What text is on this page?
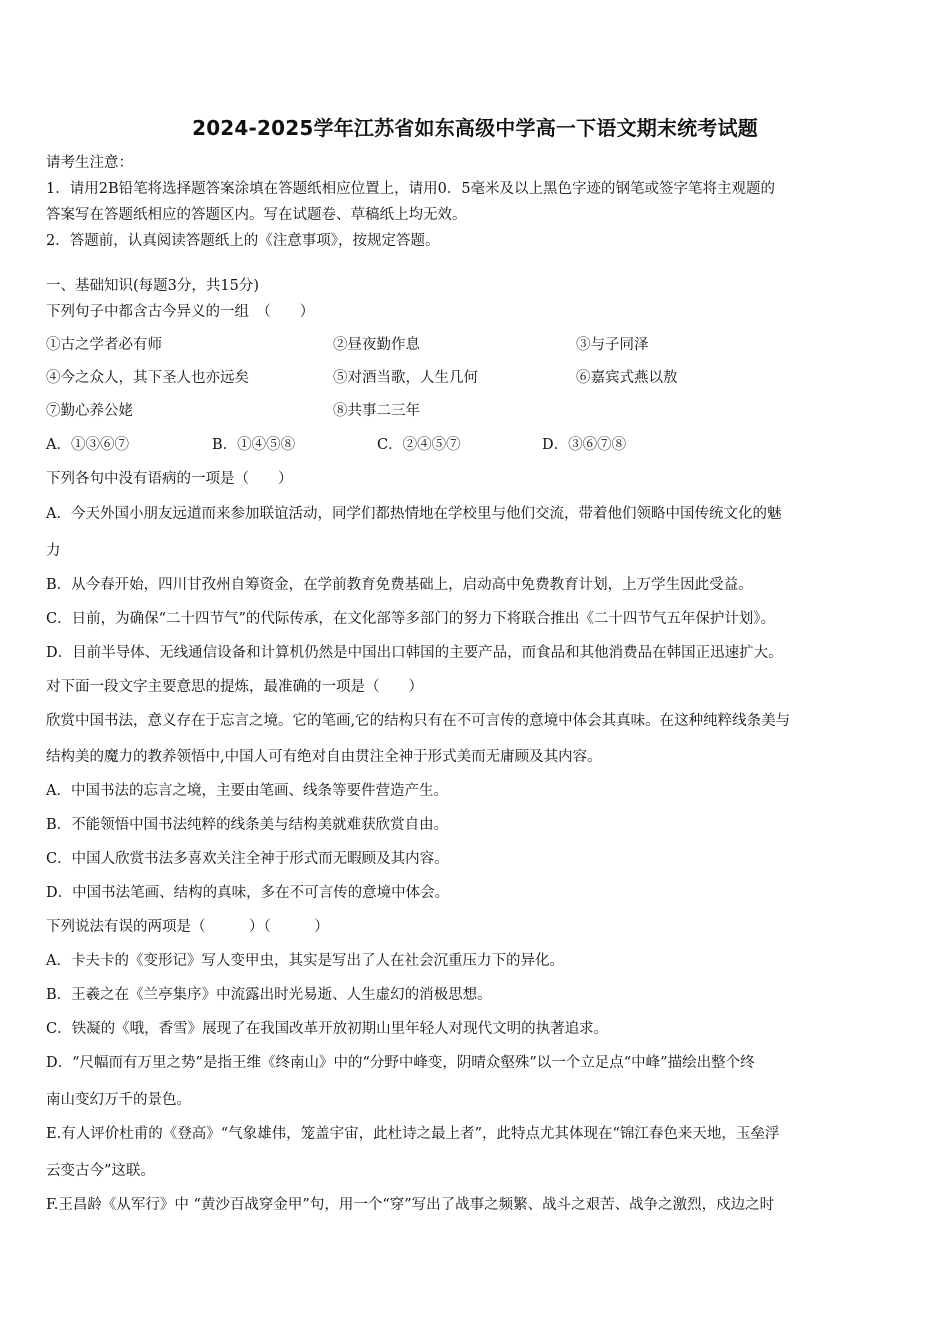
2024-2025学年江苏省如东高级中学高一下语文期末统考试题
请考生注意：
1．请用2B铅笔将选择题答案涂填在答题纸相应位置上，请用0．5毫米及以上黑色字迹的钢笔或签字笔将主观题的
答案写在答题纸相应的答题区内。写在试题卷、草稿纸上均无效。
2．答题前，认真阅读答题纸上的《注意事项》，按规定答题。
一、基础知识(每题3分，共15分)
下列句子中都含古今异义的一组　（　　）
①古之学者必有师	②昼夜勤作息	③与子同泽
④今之众人，其下圣人也亦远矣	⑤对酒当歌，人生几何	⑥嘉宾式燕以敖
⑦勤心养公姥	⑧共事二三年
A．①③⑥⑦	B．①④⑤⑧	C．②④⑤⑦	D．③⑥⑦⑧
下列各句中没有语病的一项是（　　）
A．今天外国小朋友远道而来参加联谊活动，同学们都热情地在学校里与他们交流，带着他们领略中国传统文化的魅
力
B．从今春开始，四川甘孜州自筹资金，在学前教育免费基础上，启动高中免费教育计划，上万学生因此受益。
C．日前，为确保“二十四节气”的代际传承，在文化部等多部门的努力下将联合推出《二十四节气五年保护计划》。
D．目前半导体、无线通信设备和计算机仍然是中国出口韩国的主要产品，而食品和其他消费品在韩国正迅速扩大。
对下面一段文字主要意思的提炼，最准确的一项是（　　）
欣赏中国书法，意义存在于忘言之境。它的笔画,它的结构只有在不可言传的意境中体会其真味。在这种纯粹线条美与
结构美的魔力的教养领悟中,中国人可有绝对自由贯注全神于形式美而无庸顾及其内容。
A．中国书法的忘言之境，主要由笔画、线条等要件营造产生。
B．不能领悟中国书法纯粹的线条美与结构美就难获欣赏自由。
C．中国人欣赏书法多喜欢关注全神于形式而无暇顾及其内容。
D．中国书法笔画、结构的真味，多在不可言传的意境中体会。
下列说法有误的两项是（　　　）（　　　）
A．卡夫卡的《变形记》写人变甲虫，其实是写出了人在社会沉重压力下的异化。
B．王羲之在《兰亭集序》中流露出时光易逝、人生虚幻的消极思想。
C．铁凝的《哦，香雪》展现了在我国改革开放初期山里年轻人对现代文明的执著追求。
D．“尺幅而有万里之势”是指王维《终南山》中的“分野中峰变，阴晴众壑殊”以一个立足点“中峰”描绘出整个终
南山变幻万千的景色。
E.有人评价杜甫的《登高》“气象雄伟，笼盖宇宙，此杜诗之最上者”，此特点尤其体现在“锦江春色来天地，玉垒浮
云变古今”这联。
F.王昌龄《从军行》中 “黄沙百战穿金甲”句，用一个“穿”写出了战事之频繁、战斗之艰苦、战争之激烈，戍边之时
